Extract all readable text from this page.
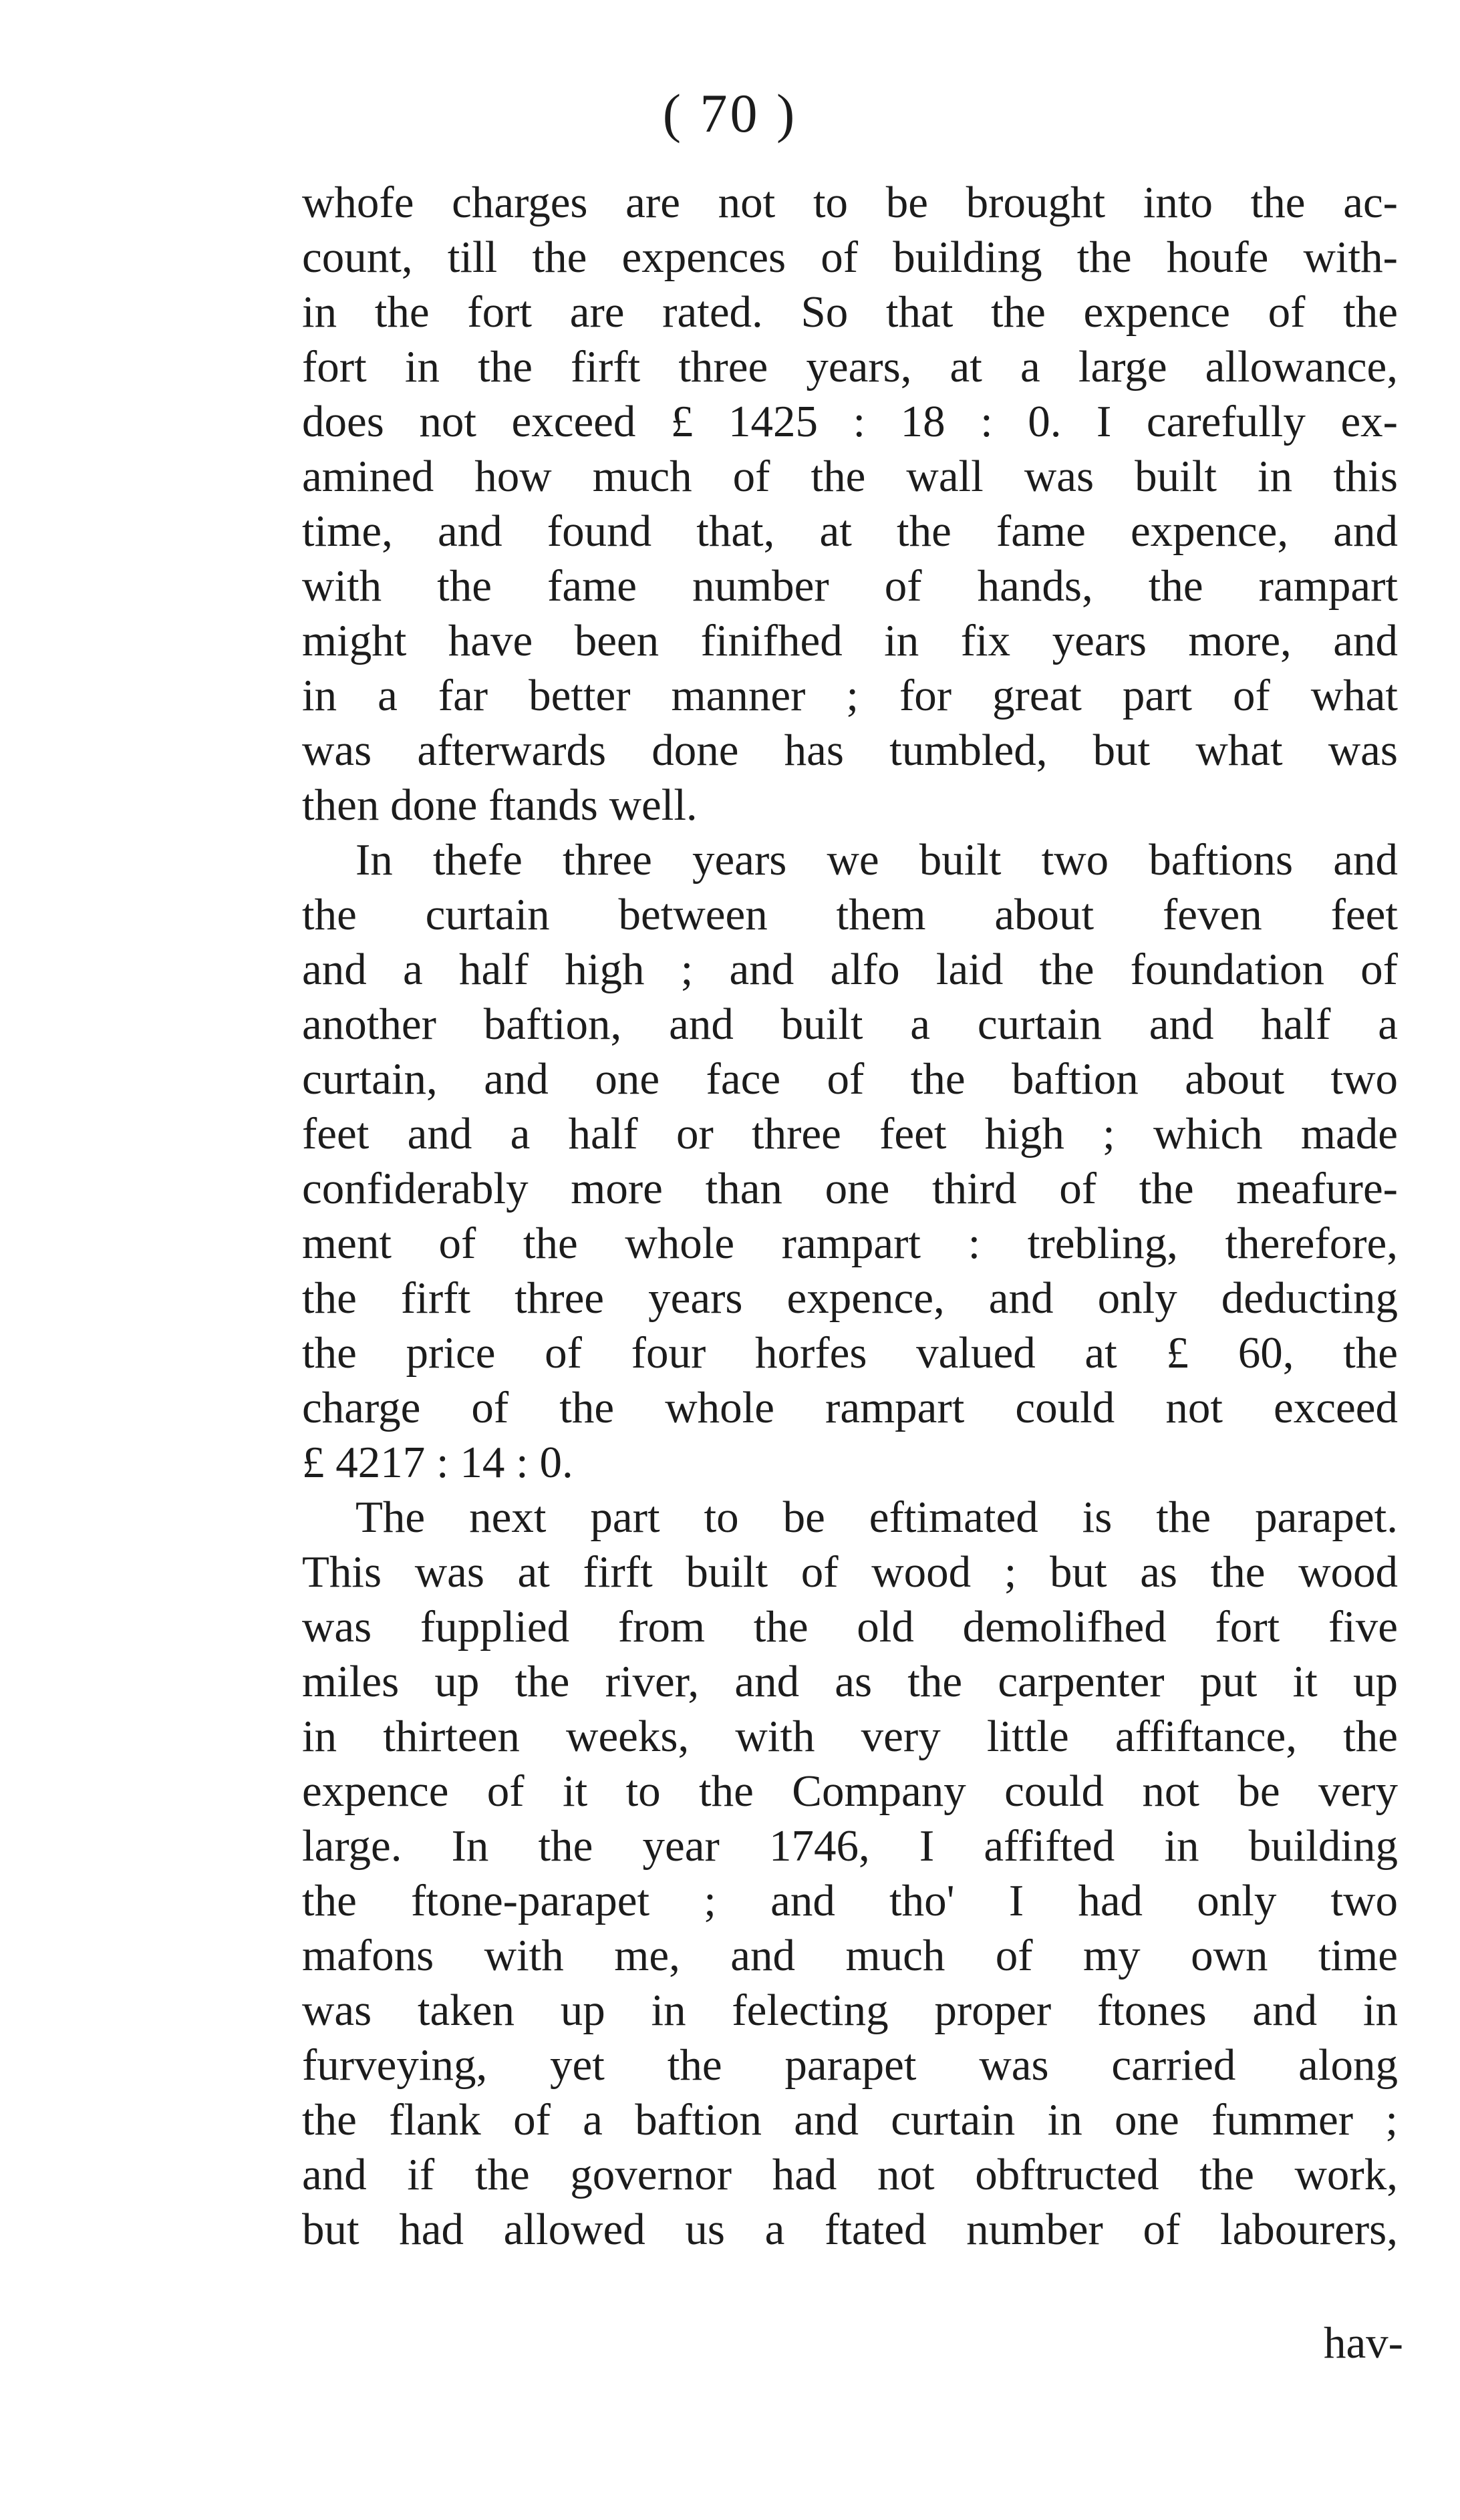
( 70 )
whofe charges are not to be brought into the ac-
count, till the expences of building the houfe with-
in the fort are rated. So that the expence of the
fort in the firft three years, at a large allowance,
does not exceed £ 1425 : 18 : 0. I carefully ex-
amined how much of the wall was built in this
time, and found that, at the fame expence, and
with the fame number of hands, the rampart
might have been finifhed in fix years more, and
in a far better manner ; for great part of what
was afterwards done has tumbled, but what was
then done ftands well.
In thefe three years we built two baftions and
the curtain between them about feven feet
and a half high ; and alfo laid the foundation of
another baftion, and built a curtain and half a
curtain, and one face of the baftion about two
feet and a half or three feet high ; which made
confiderably more than one third of the meafure-
ment of the whole rampart : trebling, therefore,
the firft three years expence, and only deducting
the price of four horfes valued at £ 60, the
charge of the whole rampart could not exceed
£ 4217 : 14 : 0.
The next part to be eftimated is the parapet.
This was at firft built of wood ; but as the wood
was fupplied from the old demolifhed fort five
miles up the river, and as the carpenter put it up
in thirteen weeks, with very little affiftance, the
expence of it to the Company could not be very
large. In the year 1746, I affifted in building
the ftone-parapet ; and tho' I had only two
mafons with me, and much of my own time
was taken up in felecting proper ftones and in
furveying, yet the parapet was carried along
the flank of a baftion and curtain in one fummer ;
and if the governor had not obftructed the work,
but had allowed us a ftated number of labourers,
hav-
